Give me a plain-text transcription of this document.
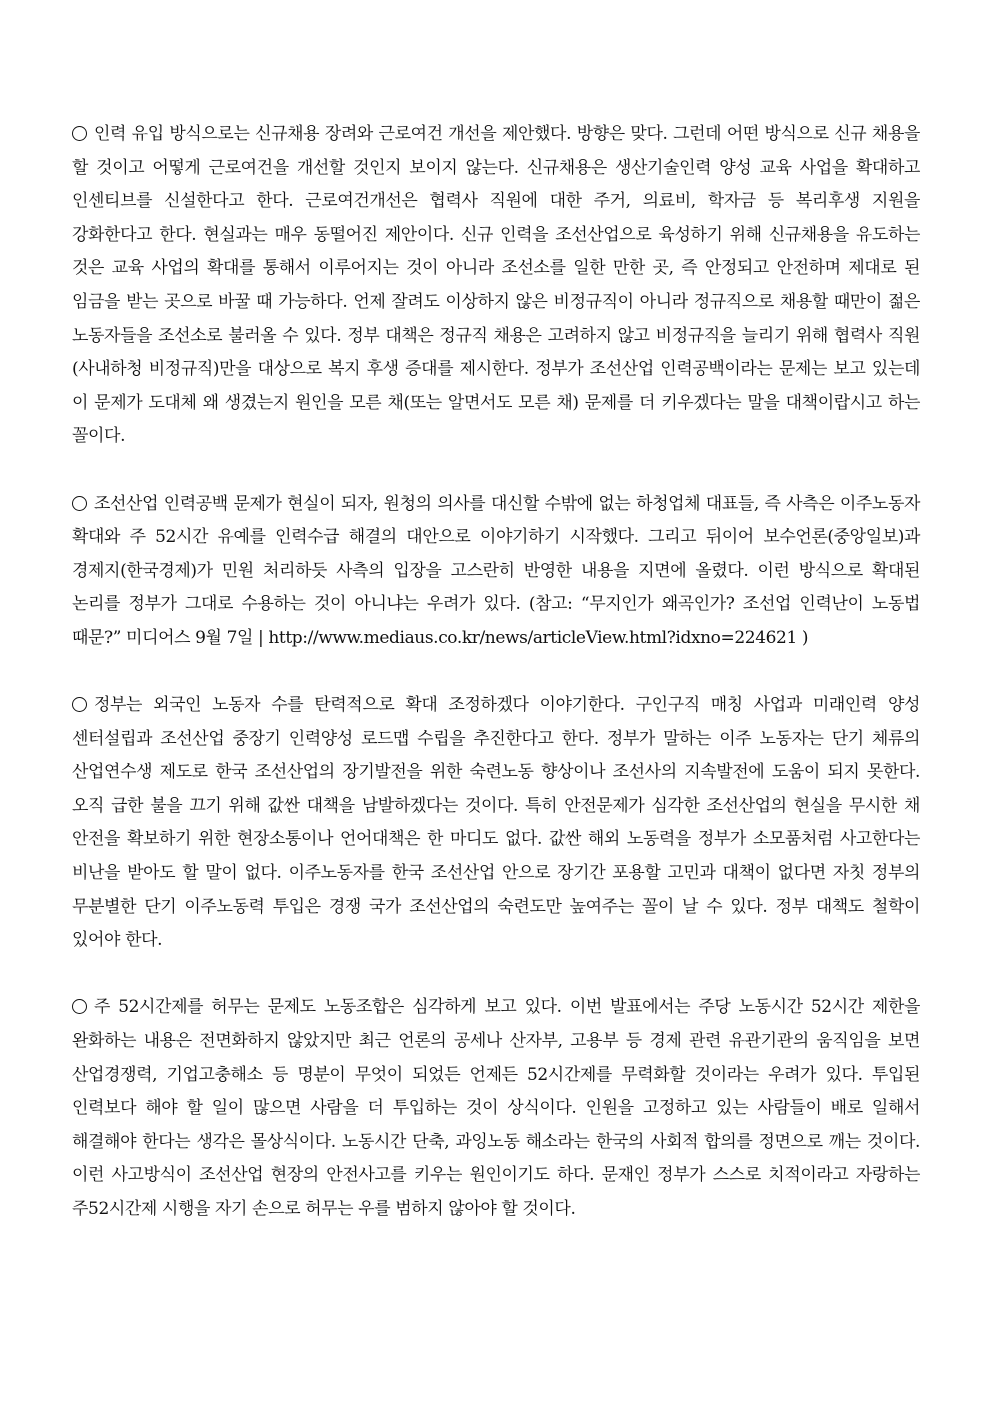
인력 유입 방식으로는 신규채용 장려와 근로여건 개선을 제안했다. 방향은 맞다. 그런데 어떤 방식으로 신규 채용을 할 것이고 어떻게 근로여건을 개선할 것인지 보이지 않는다. 신규채용은 생산기술인력 양성 교육 사업을 확대하고 인센티브를 신설한다고 한다. 근로여건개선은 협력사 직원에 대한 주거, 의료비, 학자금 등 복리후생 지원을 강화한다고 한다. 현실과는 매우 동떨어진 제안이다. 신규 인력을 조선산업으로 육성하기 위해 신규채용을 유도하는 것은 교육 사업의 확대를 통해서 이루어지는 것이 아니라 조선소를 일한 만한 곳, 즉 안정되고 안전하며 제대로 된 임금을 받는 곳으로 바꿀 때 가능하다. 언제 잘려도 이상하지 않은 비정규직이 아니라 정규직으로 채용할 때만이 젊은 노동자들을 조선소로 불러올 수 있다. 정부 대책은 정규직 채용은 고려하지 않고 비정규직을 늘리기 위해 협력사 직원(사내하청 비정규직)만을 대상으로 복지 후생 증대를 제시한다. 정부가 조선산업 인력공백이라는 문제는 보고 있는데 이 문제가 도대체 왜 생겼는지 원인을 모른 채(또는 알면서도 모른 채) 문제를 더 키우겠다는 말을 대책이랍시고 하는 꼴이다.

조선산업 인력공백 문제가 현실이 되자, 원청의 의사를 대신할 수밖에 없는 하청업체 대표들, 즉 사측은 이주노동자 확대와 주 52시간 유예를 인력수급 해결의 대안으로 이야기하기 시작했다. 그리고 뒤이어 보수언론(중앙일보)과 경제지(한국경제)가 민원 처리하듯 사측의 입장을 고스란히 반영한 내용을 지면에 올렸다. 이런 방식으로 확대된 논리를 정부가 그대로 수용하는 것이 아니냐는 우려가 있다. (참고: “무지인가 왜곡인가? 조선업 인력난이 노동법 때문?” 미디어스 9월 7일 | http://www.mediaus.co.kr/news/articleView.html?idxno=224621 )

정부는 외국인 노동자 수를 탄력적으로 확대 조정하겠다 이야기한다. 구인구직 매칭 사업과 미래인력 양성 센터설립과 조선산업 중장기 인력양성 로드맵 수립을 추진한다고 한다. 정부가 말하는 이주 노동자는 단기 체류의 산업연수생 제도로 한국 조선산업의 장기발전을 위한 숙련노동 향상이나 조선사의 지속발전에 도움이 되지 못한다. 오직 급한 불을 끄기 위해 값싼 대책을 남발하겠다는 것이다. 특히 안전문제가 심각한 조선산업의 현실을 무시한 채 안전을 확보하기 위한 현장소통이나 언어대책은 한 마디도 없다. 값싼 해외 노동력을 정부가 소모품처럼 사고한다는 비난을 받아도 할 말이 없다. 이주노동자를 한국 조선산업 안으로 장기간 포용할 고민과 대책이 없다면 자칫 정부의 무분별한 단기 이주노동력 투입은 경쟁 국가 조선산업의 숙련도만 높여주는 꼴이 날 수 있다. 정부 대책도 철학이 있어야 한다.

주 52시간제를 허무는 문제도 노동조합은 심각하게 보고 있다. 이번 발표에서는 주당 노동시간 52시간 제한을 완화하는 내용은 전면화하지 않았지만 최근 언론의 공세나 산자부, 고용부 등 경제 관련 유관기관의 움직임을 보면 산업경쟁력, 기업고충해소 등 명분이 무엇이 되었든 언제든 52시간제를 무력화할 것이라는 우려가 있다. 투입된 인력보다 해야 할 일이 많으면 사람을 더 투입하는 것이 상식이다. 인원을 고정하고 있는 사람들이 배로 일해서 해결해야 한다는 생각은 몰상식이다. 노동시간 단축, 과잉노동 해소라는 한국의 사회적 합의를 정면으로 깨는 것이다. 이런 사고방식이 조선산업 현장의 안전사고를 키우는 원인이기도 하다. 문재인 정부가 스스로 치적이라고 자랑하는 주52시간제 시행을 자기 손으로 허무는 우를 범하지 않아야 할 것이다.
